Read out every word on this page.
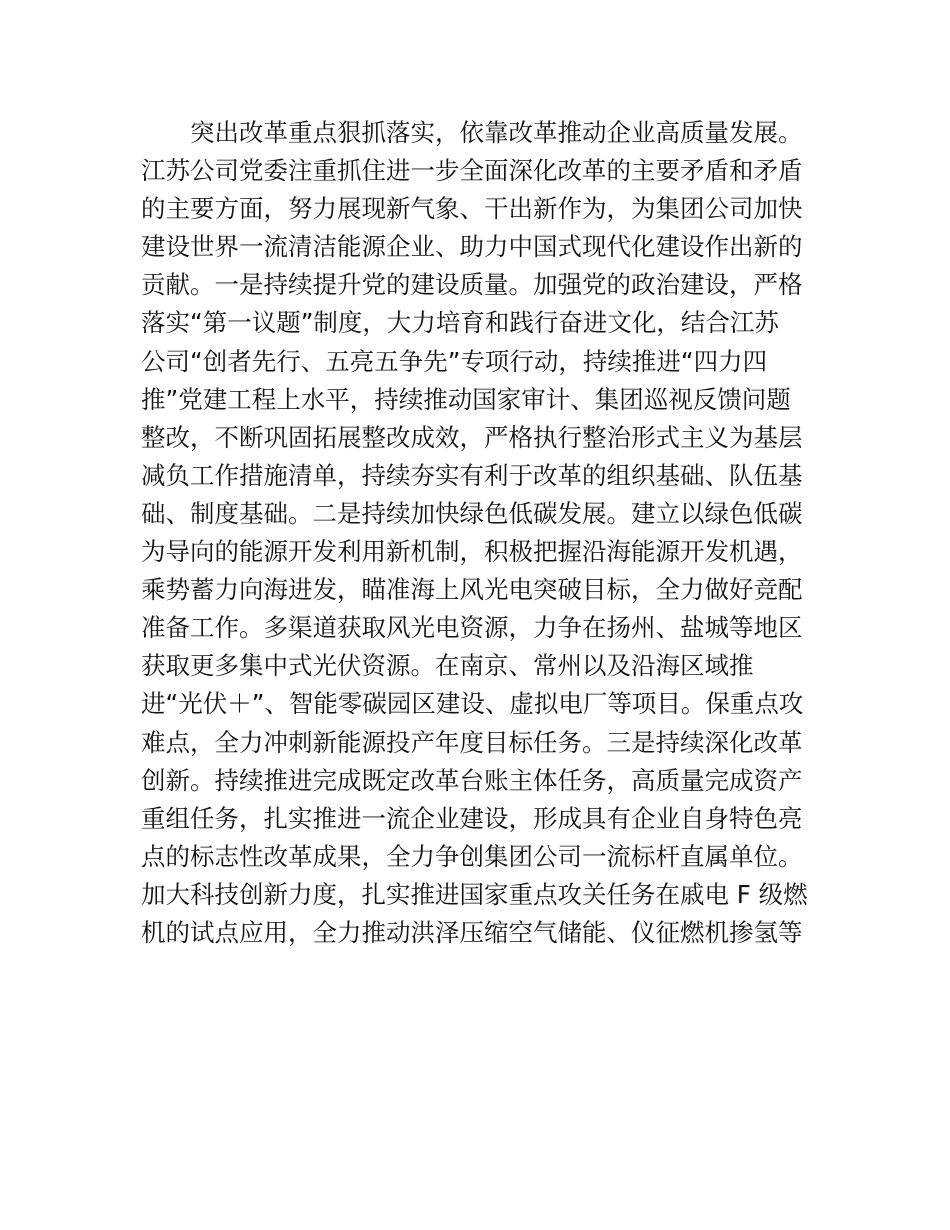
突出改革重点狠抓落实，依靠改革推动企业高质量发展。
江苏公司党委注重抓住进一步全面深化改革的主要矛盾和矛盾
的主要方面，努力展现新气象、干出新作为，为集团公司加快
建设世界一流清洁能源企业、助力中国式现代化建设作出新的
贡献。一是持续提升党的建设质量。加强党的政治建设，严格
落实“第一议题”制度，大力培育和践行奋进文化，结合江苏
公司“创者先行、五亮五争先”专项行动，持续推进“四力四
推”党建工程上水平，持续推动国家审计、集团巡视反馈问题
整改，不断巩固拓展整改成效，严格执行整治形式主义为基层
减负工作措施清单，持续夯实有利于改革的组织基础、队伍基
础、制度基础。二是持续加快绿色低碳发展。建立以绿色低碳
为导向的能源开发利用新机制，积极把握沿海能源开发机遇，
乘势蓄力向海进发，瞄准海上风光电突破目标，全力做好竞配
准备工作。多渠道获取风光电资源，力争在扬州、盐城等地区
获取更多集中式光伏资源。在南京、常州以及沿海区域推
进“光伏＋”、智能零碳园区建设、虚拟电厂等项目。保重点攻
难点，全力冲刺新能源投产年度目标任务。三是持续深化改革
创新。持续推进完成既定改革台账主体任务，高质量完成资产
重组任务，扎实推进一流企业建设，形成具有企业自身特色亮
点的标志性改革成果，全力争创集团公司一流标杆直属单位。
加大科技创新力度，扎实推进国家重点攻关任务在戚电 F 级燃
机的试点应用，全力推动洪泽压缩空气储能、仪征燃机掺氢等
